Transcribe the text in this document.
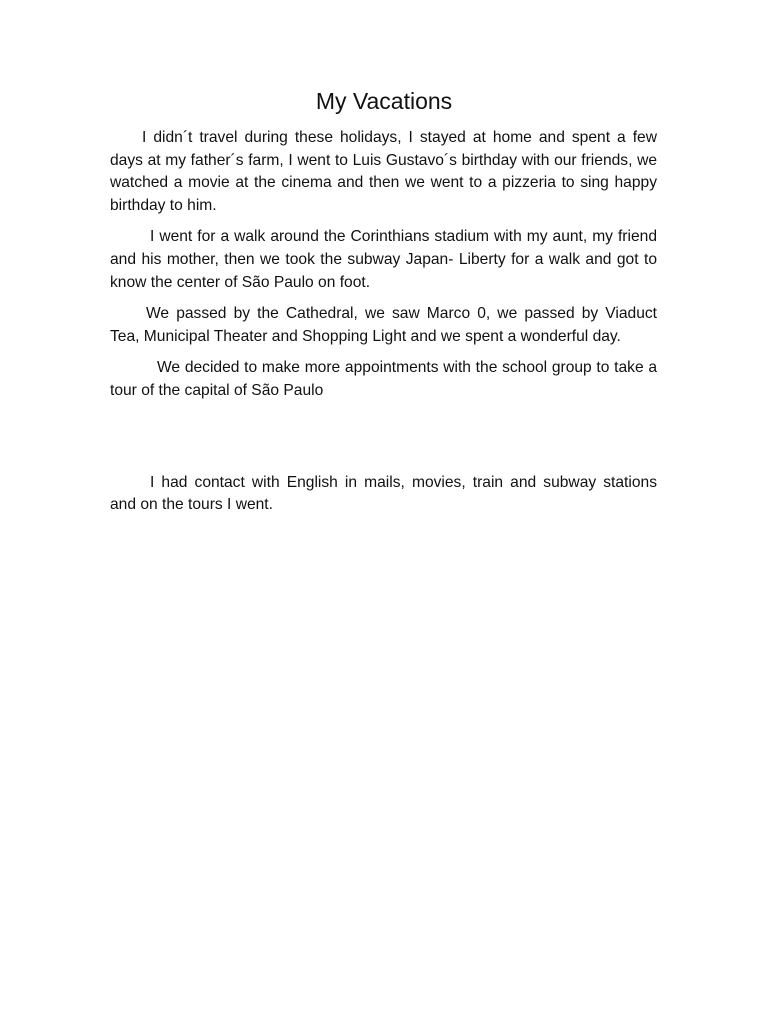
My Vacations

I didn´t travel during these holidays, I stayed at home and spent a few days at my father´s farm, I went to Luis Gustavo´s birthday with our friends, we watched a movie at the cinema and then we went to a pizzeria to sing happy birthday to him.

I went for a walk around the Corinthians stadium with my aunt, my friend and his mother, then we took the subway Japan- Liberty for a walk and got to know the center of São Paulo on foot.

We passed by the Cathedral, we saw Marco 0, we passed by Viaduct Tea, Municipal Theater and Shopping Light and we spent a wonderful day.

We decided to make more appointments with the school group to take a tour of the capital of São Paulo

I had contact with English in mails, movies, train and subway stations and on the tours I went.
